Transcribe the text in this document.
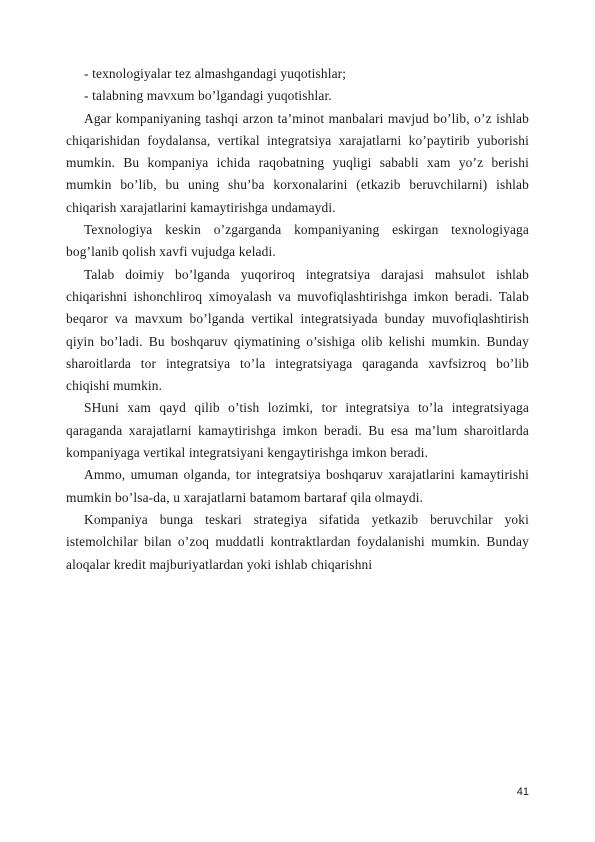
- texnologiyalar tez almashgandagi yuqotishlar;

- talabning mavxum bo’lgandagi yuqotishlar.

Agar kompaniyaning tashqi arzon ta’minot manbalari mavjud bo’lib, o’z ishlab chiqarishidan foydalansa, vertikal integratsiya xarajatlarni ko’paytirib yuborishi mumkin. Bu kompaniya ichida raqobatning yuqligi sababli xam yo’z berishi mumkin bo’lib, bu uning shu’ba korxonalarini (etkazib beruvchilarni) ishlab chiqarish xarajatlarini kamaytirishga undamaydi.

Texnologiya keskin o’zgarganda kompaniyaning eskirgan texnologiyaga bog’lanib qolish xavfi vujudga keladi.

Talab doimiy bo’lganda yuqoriroq integratsiya darajasi mahsulot ishlab chiqarishni ishonchliroq ximoyalash va muvofiqlashtirishga imkon beradi. Talab beqaror va mavxum bo’lganda vertikal integratsiyada bunday muvofiqlashtirish qiyin bo’ladi. Bu boshqaruv qiymatining o’sishiga olib kelishi mumkin. Bunday sharoitlarda tor integratsiya to’la integratsiyaga qaraganda xavfsizroq bo’lib chiqishi mumkin.

SHuni xam qayd qilib o’tish lozimki, tor integratsiya to’la integratsiyaga qaraganda xarajatlarni kamaytirishga imkon beradi. Bu esa ma’lum sharoitlarda kompaniyaga vertikal integratsiyani kengaytirishga imkon beradi.

Ammo, umuman olganda, tor integratsiya boshqaruv xarajatlarini kamaytirishi mumkin bo’lsa-da, u xarajatlarni batamom bartaraf qila olmaydi.

Kompaniya bunga teskari strategiya sifatida yetkazib beruvchilar yoki istemolchilar bilan o’zoq muddatli kontraktlardan foydalanishi mumkin. Bunday aloqalar kredit majburiyatlardan yoki ishlab chiqarishni

41
